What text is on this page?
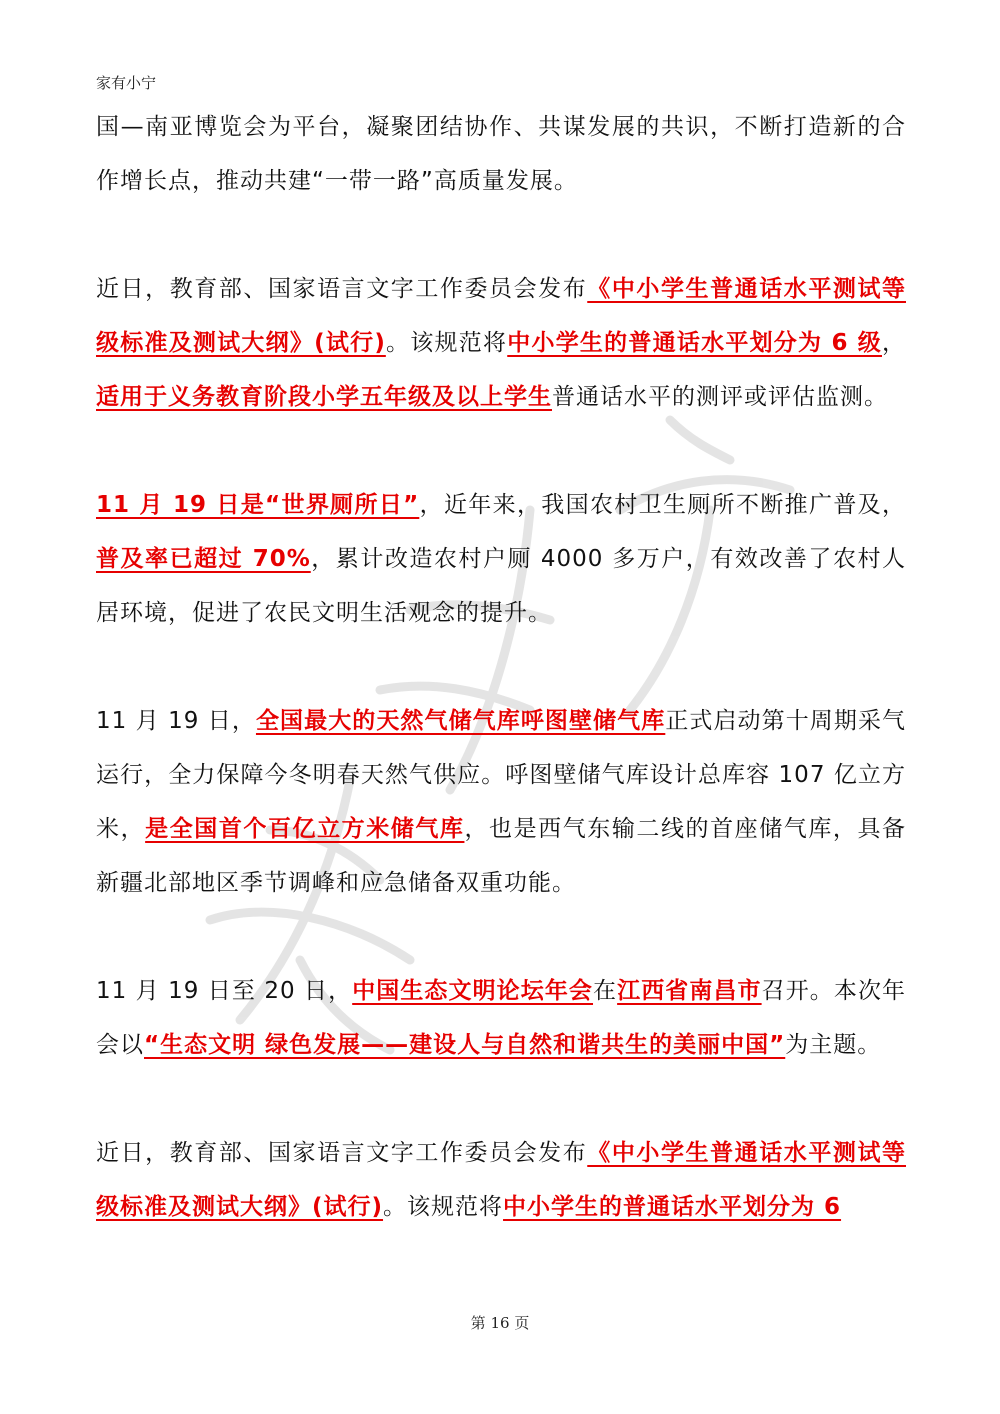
家有小宁

国—南亚博览会为平台，凝聚团结协作、共谋发展的共识，不断打造新的合作增长点，推动共建“一带一路”高质量发展。

近日，教育部、国家语言文字工作委员会发布《中小学生普通话水平测试等级标准及测试大纲》(试行)。该规范将中小学生的普通话水平划分为 6 级，适用于义务教育阶段小学五年级及以上学生普通话水平的测评或评估监测。

11 月 19 日是“世界厕所日”，近年来，我国农村卫生厕所不断推广普及，普及率已超过 70%，累计改造农村户厕 4000 多万户，有效改善了农村人居环境，促进了农民文明生活观念的提升。

11 月 19 日，全国最大的天然气储气库呼图壁储气库正式启动第十周期采气运行，全力保障今冬明春天然气供应。呼图壁储气库设计总库容 107 亿立方米，是全国首个百亿立方米储气库，也是西气东输二线的首座储气库，具备新疆北部地区季节调峰和应急储备双重功能。

11 月 19 日至 20 日，中国生态文明论坛年会在江西省南昌市召开。本次年会以“生态文明 绿色发展——建设人与自然和谐共生的美丽中国”为主题。

近日，教育部、国家语言文字工作委员会发布《中小学生普通话水平测试等级标准及测试大纲》(试行)。该规范将中小学生的普通话水平划分为 6

第 16 页
